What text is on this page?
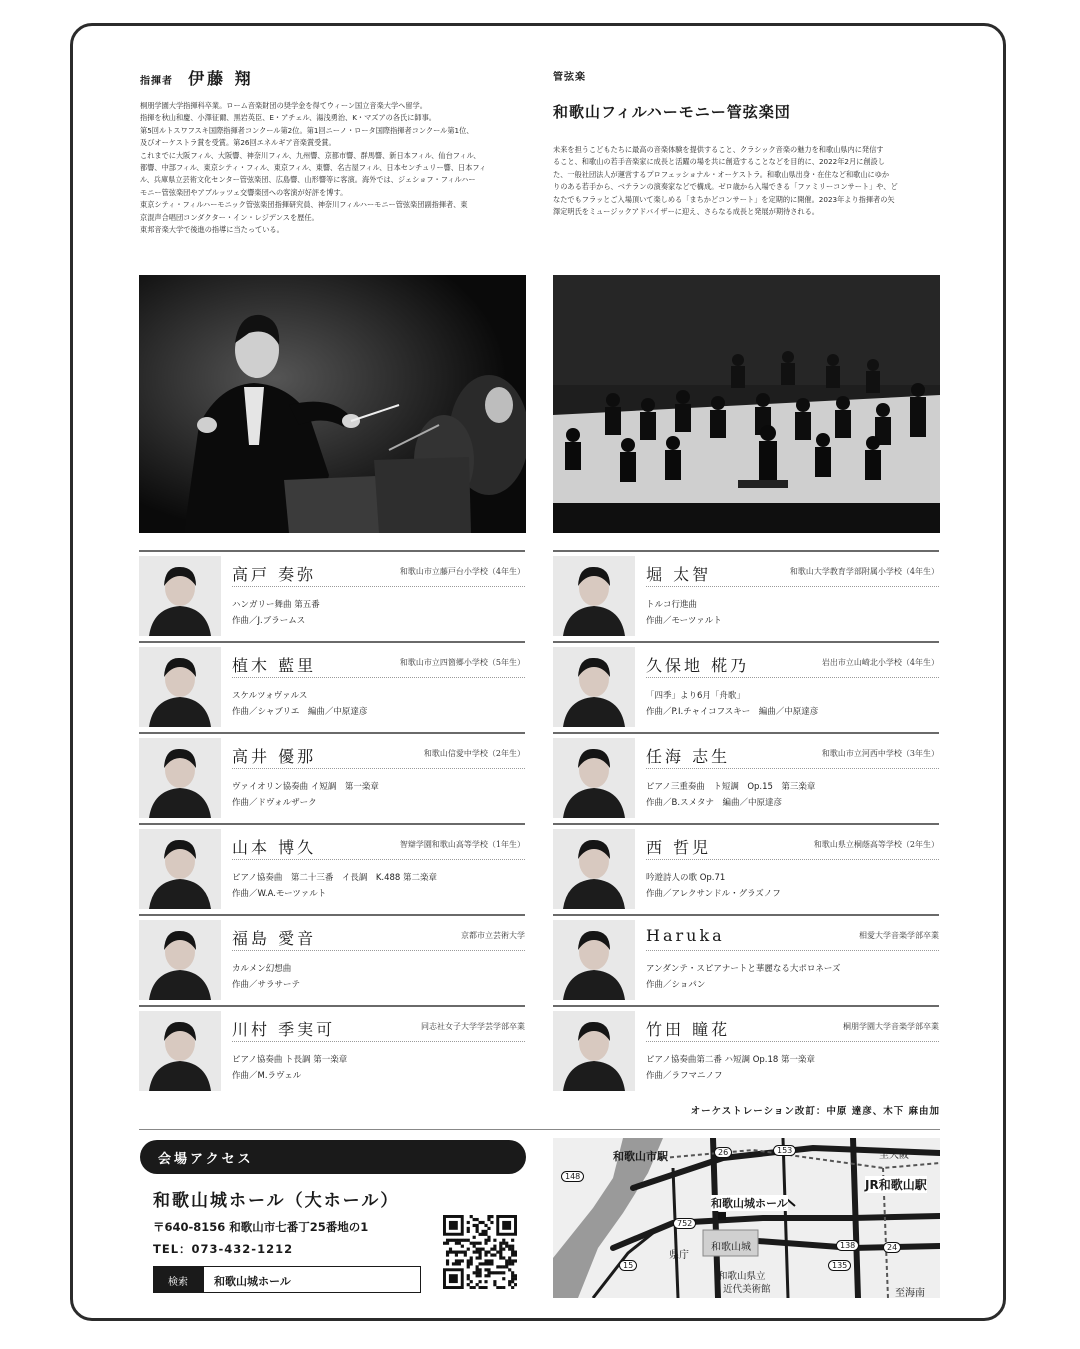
指揮者 伊藤 翔
桐朋学園大学指揮科卒業。ローム音楽財団の奨学金を得てウィーン国立音楽大学へ留学。
指揮を秋山和慶、小澤征爾、黒岩英臣、E・アチェル、湯浅勇治、K・マズアの各氏に師事。
第5回ルトスワフスキ国際指揮者コンクール第2位。第1回ニーノ・ロータ国際指揮者コンクール第1位、
及びオーケストラ賞を受賞。第26回エネルギア音楽賞受賞。
これまでに大阪フィル、大阪響、神奈川フィル、九州響、京都市響、群馬響、新日本フィル、仙台フィル、
都響、中部フィル、東京シティ・フィル、東京フィル、東響、名古屋フィル、日本センチュリー響、日本フィ
ル、兵庫県立芸術文化センター管弦楽団、広島響、山形響等に客演。海外では、ジェショフ・フィルハー
モニー管弦楽団やアブルッツェ交響楽団への客演が好評を博す。
東京シティ・フィルハーモニック管弦楽団指揮研究員、神奈川フィルハーモニー管弦楽団副指揮者、東
京混声合唱団コンダクター・イン・レジデンスを歴任。
東邦音楽大学で後進の指導に当たっている。
管弦楽
和歌山フィルハーモニー管弦楽団
未来を担うこどもたちに最高の音楽体験を提供すること、クラシック音楽の魅力を和歌山県内に発信す
ること、和歌山の若手音楽家に成長と活躍の場を共に創造することなどを目的に、2022年2月に創設し
た、一般社団法人が運営するプロフェッショナル・オーケストラ。和歌山県出身・在住など和歌山にゆか
りのある若手から、ベテランの演奏家などで構成。ゼロ歳から入場できる「ファミリーコンサート」や、ど
なたでもフラッとご入場頂いて楽しめる「まちかどコンサート」を定期的に開催。2023年より指揮者の矢
澤定明氏をミュージックアドバイザーに迎え、さらなる成長と発展が期待される。
高戸 奏弥	和歌山市立藤戸台小学校（4年生）
ハンガリー舞曲 第五番
作曲／J.ブラームス
植木 藍里	和歌山市立四箇郷小学校（5年生）
スケルツォヴァルス
作曲／シャブリエ　編曲／中原達彦
高井 優那	和歌山信愛中学校（2年生）
ヴァイオリン協奏曲 イ短調　第一楽章
作曲／ドヴォルザーク
山本 博久	智辯学園和歌山高等学校（1年生）
ピアノ協奏曲　第二十三番　イ長調　K.488 第二楽章
作曲／W.A.モーツァルト
福島 愛音	京都市立芸術大学
カルメン幻想曲
作曲／サラサーテ
川村 季実可	同志社女子大学学芸学部卒業
ピアノ協奏曲 ト長調 第一楽章
作曲／M.ラヴェル
堀 太智	和歌山大学教育学部附属小学校（4年生）
トルコ行進曲
作曲／モーツァルト
久保地 椛乃	岩出市立山崎北小学校（4年生）
「四季」より6月「舟歌」
作曲／P.I.チャイコフスキー　編曲／中原達彦
任海 志生	和歌山市立河西中学校（3年生）
ピアノ三重奏曲　ト短調　Op.15　第三楽章
作曲／B.スメタナ　編曲／中原達彦
西 哲児	和歌山県立桐蔭高等学校（2年生）
吟遊詩人の歌 Op.71
作曲／アレクサンドル・グラズノフ
Haruka	相愛大学音楽学部卒業
アンダンテ・スピアナートと華麗なる大ポロネーズ
作曲／ショパン
竹田 瞳花	桐朋学園大学音楽学部卒業
ピアノ協奏曲第二番 ハ短調 Op.18 第一楽章
作曲／ラフマニノフ
オーケストレーション改訂：中原 達彦、木下 麻由加
会場アクセス
和歌山城ホール（大ホール）
〒640-8156 和歌山市七番丁25番地の1
TEL：073-432-1212
検索 和歌山城ホール
和歌山市駅	至大阪
JR和歌山駅
和歌山城ホール
和歌山城
県庁
和歌山県立
近代美術館	至海南
148
26	153
752
15
138
135
24
